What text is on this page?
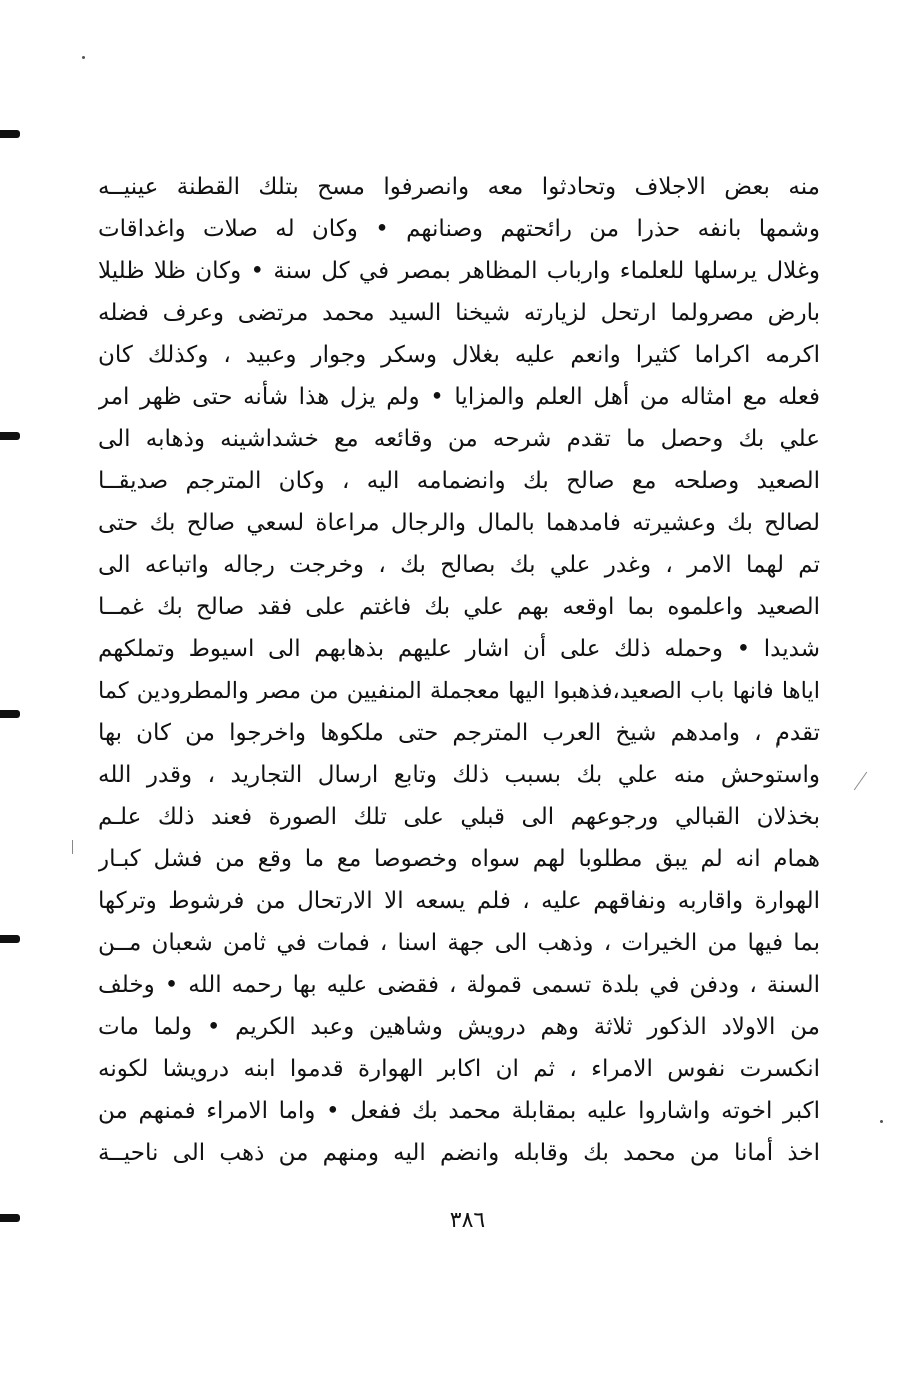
منه بعض الاجلاف وتحادثوا معه وانصرفوا مسح بتلك القطنة عينيــه
وشمها بانفه حذرا من رائحتهم وصنانهم • وكان له صلات واغداقات
وغلال يرسلها للعلماء وارباب المظاهر بمصر في كل سنة • وكان ظلا ظليلا
بارض مصرولما ارتحل لزيارته شيخنا السيد محمد مرتضى وعرف فضله
اكرمه اكراما كثيرا وانعم عليه بغلال وسكر وجوار وعبيد ، وكذلك كان
فعله مع امثاله من أهل العلم والمزايا • ولم يزل هذا شأنه حتى ظهر امر
علي بك وحصل ما تقدم شرحه من وقائعه مع خشداشينه وذهابه الى
الصعيد وصلحه مع صالح بك وانضمامه اليه ، وكان المترجم صديقــا
لصالح بك وعشيرته فامدهما بالمال والرجال مراعاة لسعي صالح بك حتى
تم لهما الامر ، وغدر علي بك بصالح بك ، وخرجت رجاله واتباعه الى
الصعيد واعلموه بما اوقعه بهم علي بك فاغتم على فقد صالح بك غمــا
شديدا • وحمله ذلك على أن اشار عليهم بذهابهم الى اسيوط وتملكهم
اياها فانها باب الصعيد،فذهبوا اليها معجملة المنفيين من مصر والمطرودين كما
تقدم ، وامدهم شيخ العرب المترجم حتى ملكوها واخرجوا من كان بها
واستوحش منه علي بك بسبب ذلك وتابع ارسال التجاريد ، وقدر الله
بخذلان القبالي ورجوعهم الى قبلي على تلك الصورة فعند ذلك علـم
همام انه لم يبق مطلوبا لهم سواه وخصوصا مع ما وقع من فشل كبـار
الهوارة واقاربه ونفاقهم عليه ، فلم يسعه الا الارتحال من فرشوط وتركها
بما فيها من الخيرات ، وذهب الى جهة اسنا ، فمات في ثامن شعبان مــن
السنة ، ودفن في بلدة تسمى قمولة ، فقضى عليه بها رحمه الله • وخلف
من الاولاد الذكور ثلاثة وهم درويش وشاهين وعبد الكريم • ولما مات
انكسرت نفوس الامراء ، ثم ان اكابر الهوارة قدموا ابنه درويشا لكونه
اكبر اخوته واشاروا عليه بمقابلة محمد بك ففعل • واما الامراء فمنهم من
اخذ أمانا من محمد بك وقابله وانضم اليه ومنهم من ذهب الى ناحيــة
٣٨٦
